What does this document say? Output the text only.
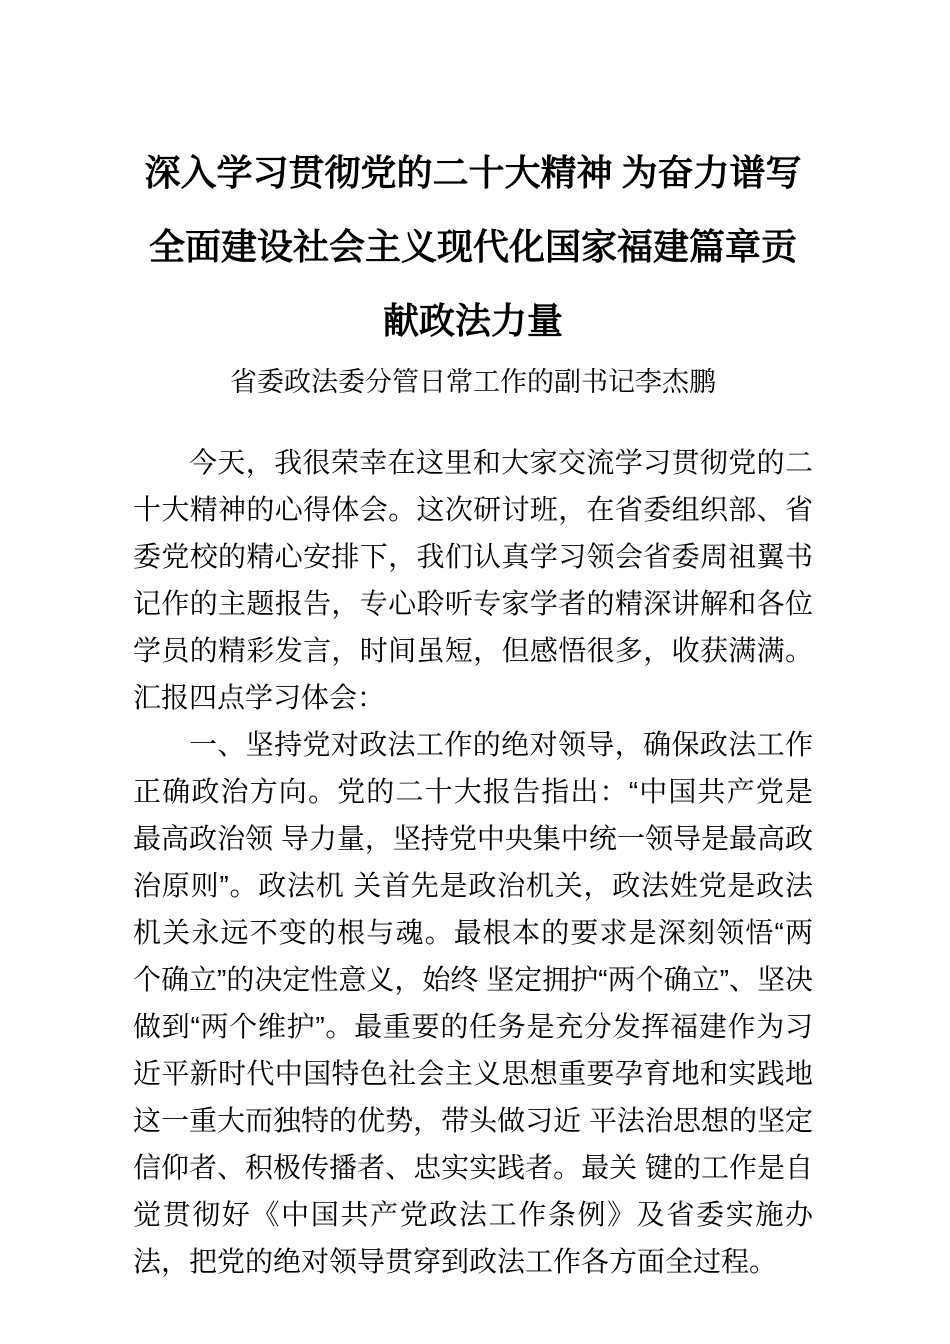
深入学习贯彻党的二十大精神 为奋力谱写全面建设社会主义现代化国家福建篇章贡献政法力量
省委政法委分管日常工作的副书记李杰鹏

今天，我很荣幸在这里和大家交流学习贯彻党的二十大精神的心得体会。这次研讨班，在省委组织部、省委党校的精心安排下，我们认真学习领会省委周祖翼书记作的主题报告，专心聆听专家学者的精深讲解和各位学员的精彩发言，时间虽短，但感悟很多，收获满满。汇报四点学习体会：

一、坚持党对政法工作的绝对领导，确保政法工作正确政治方向。党的二十大报告指出：“中国共产党是最高政治领 导力量，坚持党中央集中统一领导是最高政治原则”。政法机 关首先是政治机关，政法姓党是政法机关永远不变的根与魂。最根本的要求是深刻领悟“两个确立”的决定性意义，始终 坚定拥护“两个确立”、坚决做到“两个维护”。最重要的任务是充分发挥福建作为习近平新时代中国特色社会主义思想重要孕育地和实践地这一重大而独特的优势，带头做习近 平法治思想的坚定信仰者、积极传播者、忠实实践者。最关 键的工作是自觉贯彻好《中国共产党政法工作条例》及省委实施办法，把党的绝对领导贯穿到政法工作各方面全过程。
